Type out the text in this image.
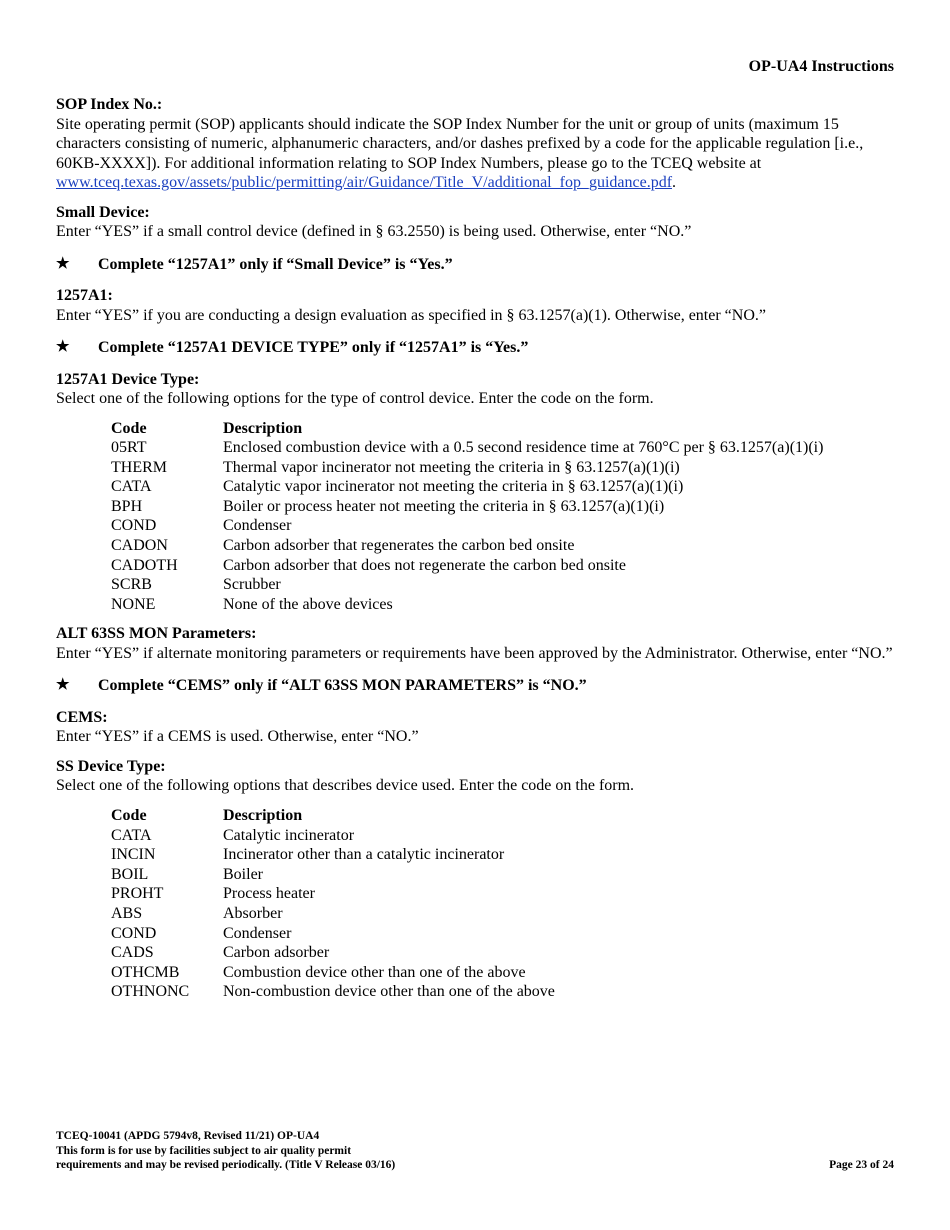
OP-UA4 Instructions
SOP Index No.:

Site operating permit (SOP) applicants should indicate the SOP Index Number for the unit or group of units (maximum 15 characters consisting of numeric, alphanumeric characters, and/or dashes prefixed by a code for the applicable regulation [i.e., 60KB-XXXX]). For additional information relating to SOP Index Numbers, please go to the TCEQ website at www.tceq.texas.gov/assets/public/permitting/air/Guidance/Title_V/additional_fop_guidance.pdf.

Small Device:

Enter “YES” if a small control device (defined in § 63.2550) is being used. Otherwise, enter “NO.”

★	Complete “1257A1” only if “Small Device” is “Yes.”
1257A1:

Enter “YES” if you are conducting a design evaluation as specified in § 63.1257(a)(1). Otherwise, enter “NO.”

★	Complete “1257A1 DEVICE TYPE” only if “1257A1” is “Yes.”
1257A1 Device Type:

Select one of the following options for the type of control device. Enter the code on the form.

Code	Description
05RT	Enclosed combustion device with a 0.5 second residence time at 760°C per § 63.1257(a)(1)(i)
THERM	Thermal vapor incinerator not meeting the criteria in § 63.1257(a)(1)(i)
CATA	Catalytic vapor incinerator not meeting the criteria in § 63.1257(a)(1)(i)
BPH	Boiler or process heater not meeting the criteria in § 63.1257(a)(1)(i)
COND	Condenser
CADON	Carbon adsorber that regenerates the carbon bed onsite
CADOTH	Carbon adsorber that does not regenerate the carbon bed onsite
SCRB	Scrubber
NONE	None of the above devices
ALT 63SS MON Parameters:

Enter “YES” if alternate monitoring parameters or requirements have been approved by the Administrator. Otherwise, enter “NO.”

★	Complete “CEMS” only if “ALT 63SS MON PARAMETERS” is “NO.”
CEMS:

Enter “YES” if a CEMS is used. Otherwise, enter “NO.”

SS Device Type:

Select one of the following options that describes device used. Enter the code on the form.

Code	Description
CATA	Catalytic incinerator
INCIN	Incinerator other than a catalytic incinerator
BOIL	Boiler
PROHT	Process heater
ABS	Absorber
COND	Condenser
CADS	Carbon adsorber
OTHCMB	Combustion device other than one of the above
OTHNONC	Non-combustion device other than one of the above
TCEQ-10041 (APDG 5794v8, Revised 11/21) OP-UA4
This form is for use by facilities subject to air quality permit
requirements and may be revised periodically. (Title V Release 03/16)	Page 23 of 24
